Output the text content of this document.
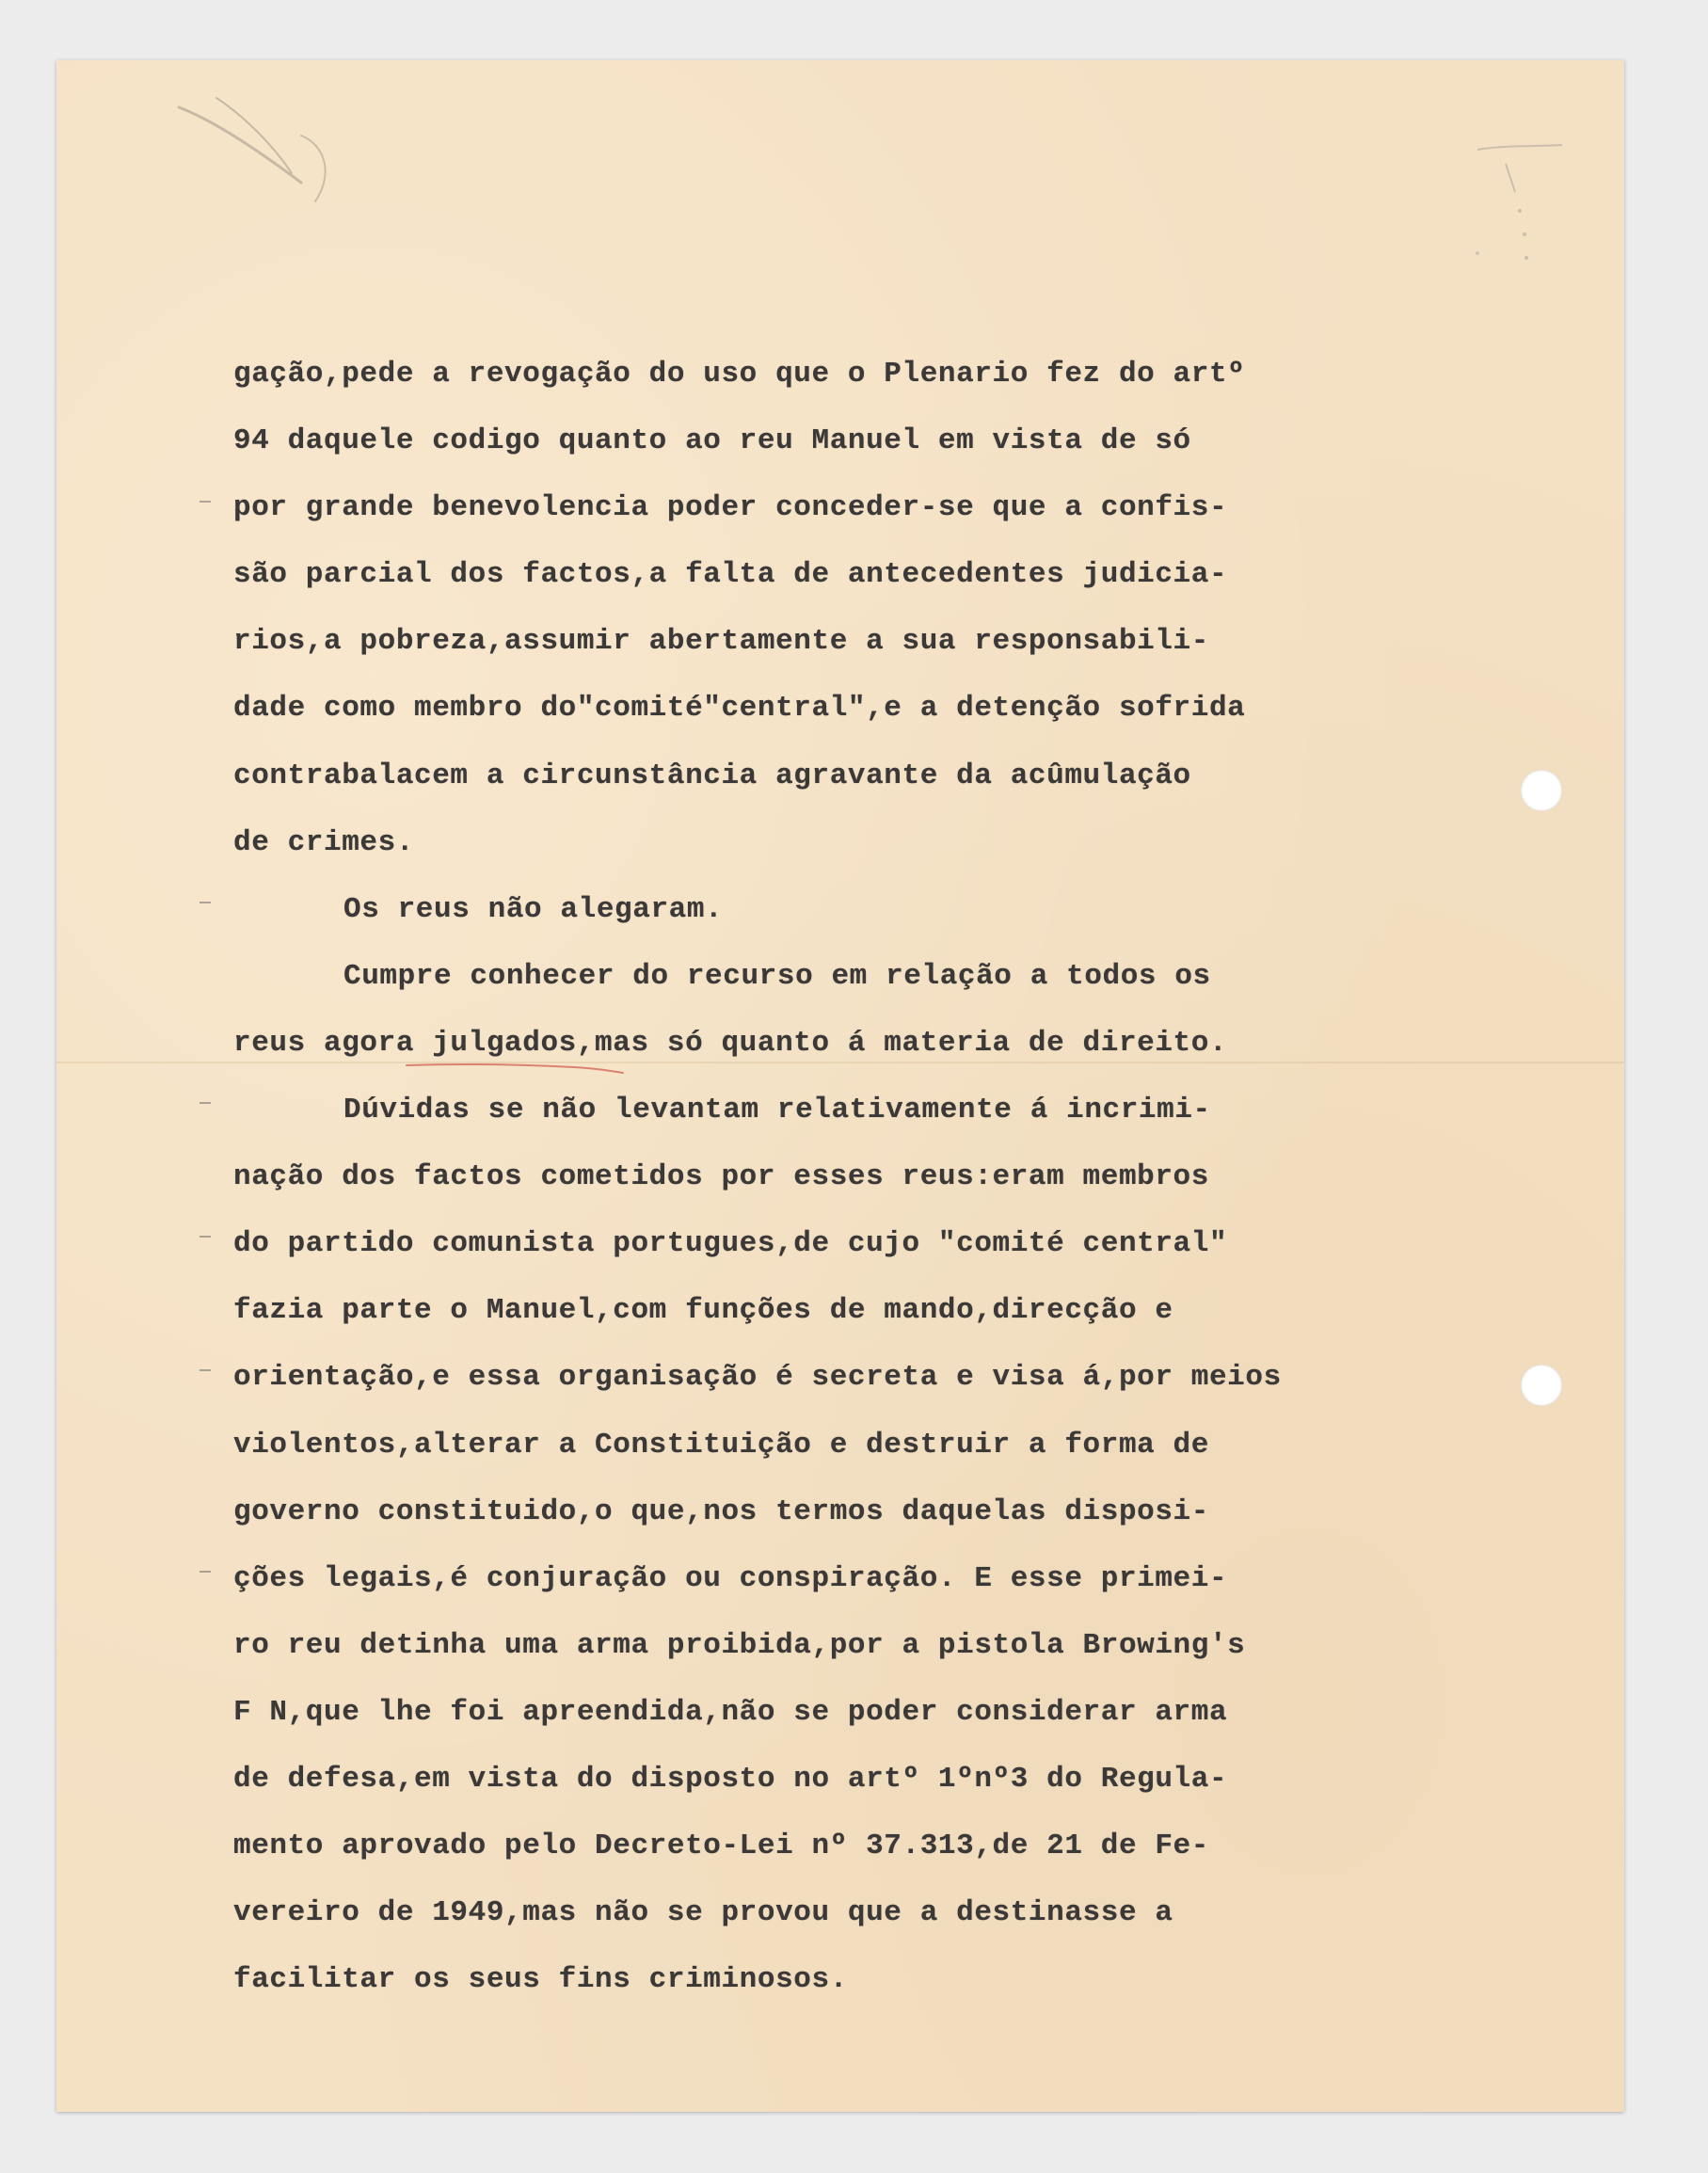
gação,pede a revogação do uso que o Plenario fez do artº
94 daquele codigo quanto ao reu Manuel em vista de só
por grande benevolencia poder conceder-se que a confis-
são parcial dos factos,a falta de antecedentes judicia-
rios,a pobreza,assumir abertamente a sua responsabili-
dade como membro do"comité"central",e a detenção sofrida
contrabalacem a circunstância agravante da acûmulação
de crimes.
Os reus não alegaram.
Cumpre conhecer do recurso em relação a todos os
reus agora julgados,mas só quanto á materia de direito.
Dúvidas se não levantam relativamente á incrimi-
nação dos factos cometidos por esses reus:eram membros
do partido comunista portugues,de cujo "comité central"
fazia parte o Manuel,com funções de mando,direcção e
orientação,e essa organisação é secreta e visa á,por meios
violentos,alterar a Constituição e destruir a forma de
governo constituido,o que,nos termos daquelas disposi-
ções legais,é conjuração ou conspiração. E esse primei-
ro reu detinha uma arma proibida,por a pistola Browing's
F N,que lhe foi apreendida,não se poder considerar arma
de defesa,em vista do disposto no artº 1ºnº3 do Regula-
mento aprovado pelo Decreto-Lei nº 37.313,de 21 de Fe-
vereiro de 1949,mas não se provou que a destinasse a
facilitar os seus fins criminosos.
